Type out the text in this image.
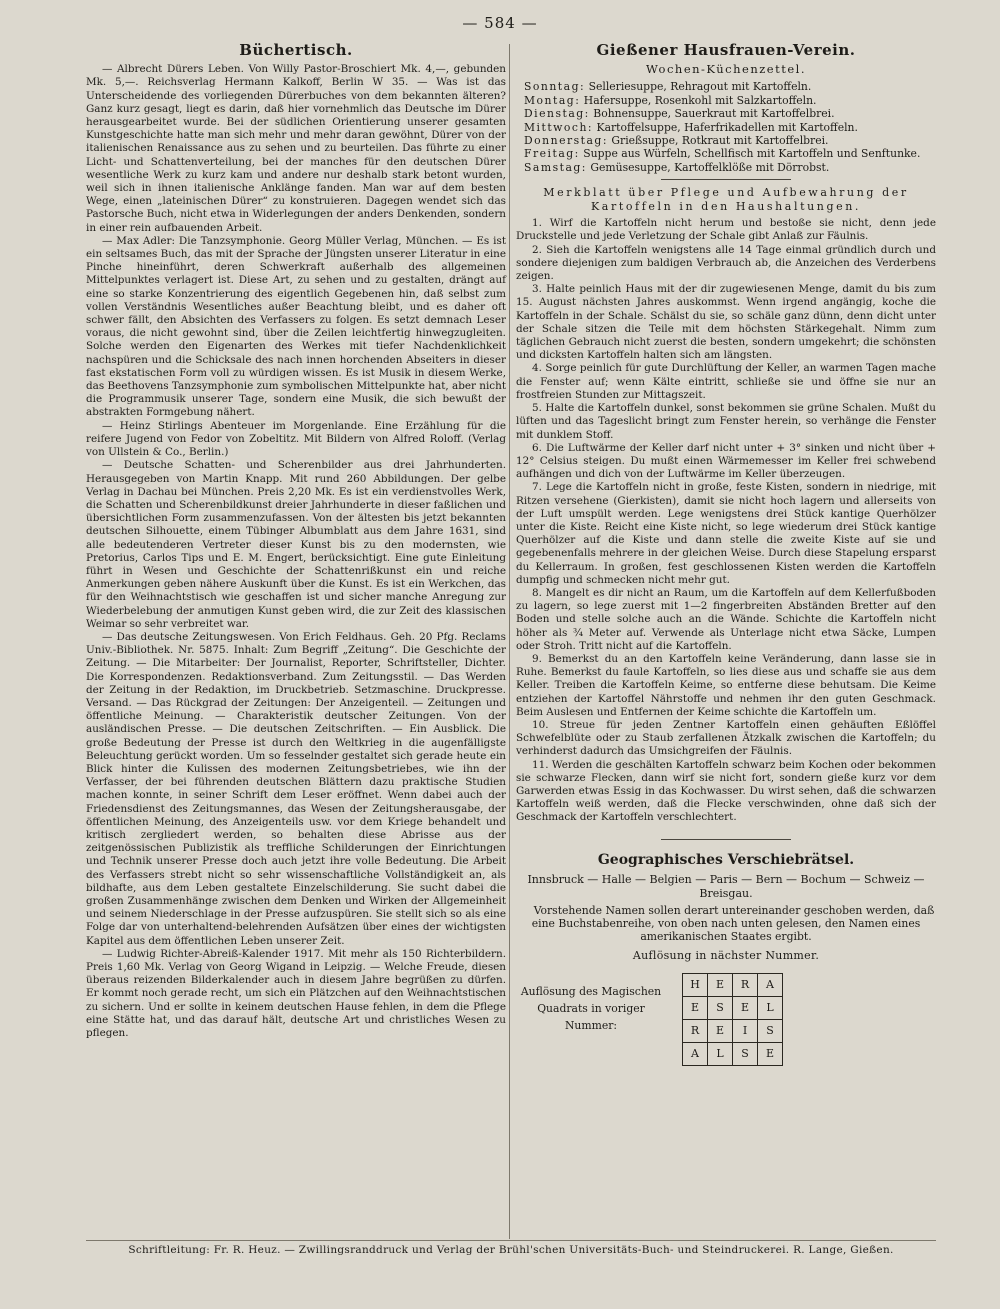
— 584 —
Büchertisch.

— Albrecht Dürers Leben. Von Willy Pastor-Broschiert Mk. 4,—, gebunden Mk. 5,—. Reichsverlag Hermann Kalkoff, Berlin W 35. — Was ist das Unterscheidende des vorliegenden Dürerbuches von dem bekannten älteren? Ganz kurz gesagt, liegt es darin, daß hier vornehmlich das Deutsche im Dürer herausgearbeitet wurde. Bei der südlichen Orientierung unserer gesamten Kunstgeschichte hatte man sich mehr und mehr daran gewöhnt, Dürer von der italienischen Renaissance aus zu sehen und zu beurteilen. Das führte zu einer Licht- und Schattenverteilung, bei der manches für den deutschen Dürer wesentliche Werk zu kurz kam und andere nur deshalb stark betont wurden, weil sich in ihnen italienische Anklänge fanden. Man war auf dem besten Wege, einen „lateinischen Dürer“ zu konstruieren. Dagegen wendet sich das Pastorsche Buch, nicht etwa in Widerlegungen der anders Denkenden, sondern in einer rein aufbauenden Arbeit.

— Max Adler: Die Tanzsymphonie. Georg Müller Verlag, München. — Es ist ein seltsames Buch, das mit der Sprache der Jüngsten unserer Literatur in eine Pinche hineinführt, deren Schwerkraft außerhalb des allgemeinen Mittelpunktes verlagert ist. Diese Art, zu sehen und zu gestalten, drängt auf eine so starke Konzentrierung des eigentlich Gegebenen hin, daß selbst zum vollen Verständnis Wesentliches außer Beachtung bleibt, und es daher oft schwer fällt, den Absichten des Verfassers zu folgen. Es setzt demnach Leser voraus, die nicht gewohnt sind, über die Zeilen leichtfertig hinwegzugleiten. Solche werden den Eigenarten des Werkes mit tiefer Nachdenklichkeit nachspüren und die Schicksale des nach innen horchenden Abseiters in dieser fast ekstatischen Form voll zu würdigen wissen. Es ist Musik in diesem Werke, das Beethovens Tanzsymphonie zum symbolischen Mittelpunkte hat, aber nicht die Programmusik unserer Tage, sondern eine Musik, die sich bewußt der abstrakten Formgebung nähert.

— Heinz Stirlings Abenteuer im Morgenlande. Eine Erzählung für die reifere Jugend von Fedor von Zobeltitz. Mit Bildern von Alfred Roloff. (Verlag von Ullstein & Co., Berlin.)

— Deutsche Schatten- und Scherenbilder aus drei Jahrhunderten. Herausgegeben von Martin Knapp. Mit rund 260 Abbildungen. Der gelbe Verlag in Dachau bei München. Preis 2,20 Mk. Es ist ein verdienstvolles Werk, die Schatten und Scherenbildkunst dreier Jahrhunderte in dieser faßlichen und übersichtlichen Form zusammenzufassen. Von der ältesten bis jetzt bekannten deutschen Silhouette, einem Tübinger Albumblatt aus dem Jahre 1631, sind alle bedeutenderen Vertreter dieser Kunst bis zu den modernsten, wie Pretorius, Carlos Tips und E. M. Engert, berücksichtigt. Eine gute Einleitung führt in Wesen und Geschichte der Schattenrißkunst ein und reiche Anmerkungen geben nähere Auskunft über die Kunst. Es ist ein Werkchen, das für den Weihnachtstisch wie geschaffen ist und sicher manche Anregung zur Wiederbelebung der anmutigen Kunst geben wird, die zur Zeit des klassischen Weimar so sehr verbreitet war.

— Das deutsche Zeitungswesen. Von Erich Feldhaus. Geh. 20 Pfg. Reclams Univ.-Bibliothek. Nr. 5875. Inhalt: Zum Begriff „Zeitung“. Die Geschichte der Zeitung. — Die Mitarbeiter: Der Journalist, Reporter, Schriftsteller, Dichter. Die Korrespondenzen. Redaktionsverband. Zum Zeitungsstil. — Das Werden der Zeitung in der Redaktion, im Druckbetrieb. Setzmaschine. Druckpresse. Versand. — Das Rückgrad der Zeitungen: Der Anzeigenteil. — Zeitungen und öffentliche Meinung. — Charakteristik deutscher Zeitungen. Von der ausländischen Presse. — Die deutschen Zeitschriften. — Ein Ausblick. Die große Bedeutung der Presse ist durch den Weltkrieg in die augenfälligste Beleuchtung gerückt worden. Um so fesselnder gestaltet sich gerade heute ein Blick hinter die Kulissen des modernen Zeitungsbetriebes, wie ihn der Verfasser, der bei führenden deutschen Blättern dazu praktische Studien machen konnte, in seiner Schrift dem Leser eröffnet. Wenn dabei auch der Friedensdienst des Zeitungsmannes, das Wesen der Zeitungsherausgabe, der öffentlichen Meinung, des Anzeigenteils usw. vor dem Kriege behandelt und kritisch zergliedert werden, so behalten diese Abrisse aus der zeitgenössischen Publizistik als treffliche Schilderungen der Einrichtungen und Technik unserer Presse doch auch jetzt ihre volle Bedeutung. Die Arbeit des Verfassers strebt nicht so sehr wissenschaftliche Vollständigkeit an, als bildhafte, aus dem Leben gestaltete Einzelschilderung. Sie sucht dabei die großen Zusammenhänge zwischen dem Denken und Wirken der Allgemeinheit und seinem Niederschlage in der Presse aufzuspüren. Sie stellt sich so als eine Folge dar von unterhaltend-belehrenden Aufsätzen über eines der wichtigsten Kapitel aus dem öffentlichen Leben unserer Zeit.

— Ludwig Richter-Abreiß-Kalender 1917. Mit mehr als 150 Richterbildern. Preis 1,60 Mk. Verlag von Georg Wigand in Leipzig. — Welche Freude, diesen überaus reizenden Bilderkalender auch in diesem Jahre begrüßen zu dürfen. Er kommt noch gerade recht, um sich ein Plätzchen auf den Weihnachtstischen zu sichern. Und er sollte in keinem deutschen Hause fehlen, in dem die Pflege eine Stätte hat, und das darauf hält, deutsche Art und christliches Wesen zu pflegen.

Gießener Hausfrauen-Verein.
Wochen-Küchenzettel.

Sonntag: Selleriesuppe, Rehragout mit Kartoffeln.

Montag: Hafersuppe, Rosenkohl mit Salzkartoffeln.

Dienstag: Bohnensuppe, Sauerkraut mit Kartoffelbrei.

Mittwoch: Kartoffelsuppe, Haferfrikadellen mit Kartoffeln.

Donnerstag: Grießsuppe, Rotkraut mit Kartoffelbrei.

Freitag: Suppe aus Würfeln, Schellfisch mit Kartoffeln und Senftunke.

Samstag: Gemüsesuppe, Kartoffelklöße mit Dörrobst.

Merkblatt über Pflege und Aufbewahrung der Kartoffeln in den Haushaltungen.

1. Wirf die Kartoffeln nicht herum und bestoße sie nicht, denn jede Druckstelle und jede Verletzung der Schale gibt Anlaß zur Fäulnis.

2. Sieh die Kartoffeln wenigstens alle 14 Tage einmal gründlich durch und sondere diejenigen zum baldigen Verbrauch ab, die Anzeichen des Verderbens zeigen.

3. Halte peinlich Haus mit der dir zugewiesenen Menge, damit du bis zum 15. August nächsten Jahres auskommst. Wenn irgend angängig, koche die Kartoffeln in der Schale. Schälst du sie, so schäle ganz dünn, denn dicht unter der Schale sitzen die Teile mit dem höchsten Stärkegehalt. Nimm zum täglichen Gebrauch nicht zuerst die besten, sondern umgekehrt; die schönsten und dicksten Kartoffeln halten sich am längsten.

4. Sorge peinlich für gute Durchlüftung der Keller, an warmen Tagen mache die Fenster auf; wenn Kälte eintritt, schließe sie und öffne sie nur an frostfreien Stunden zur Mittagszeit.

5. Halte die Kartoffeln dunkel, sonst bekommen sie grüne Schalen. Mußt du lüften und das Tageslicht bringt zum Fenster herein, so verhänge die Fenster mit dunklem Stoff.

6. Die Luftwärme der Keller darf nicht unter + 3° sinken und nicht über + 12° Celsius steigen. Du mußt einen Wärmemesser im Keller frei schwebend aufhängen und dich von der Luftwärme im Keller überzeugen.

7. Lege die Kartoffeln nicht in große, feste Kisten, sondern in niedrige, mit Ritzen versehene (Gierkisten), damit sie nicht hoch lagern und allerseits von der Luft umspült werden. Lege wenigstens drei Stück kantige Querhölzer unter die Kiste. Reicht eine Kiste nicht, so lege wiederum drei Stück kantige Querhölzer auf die Kiste und dann stelle die zweite Kiste auf sie und gegebenenfalls mehrere in der gleichen Weise. Durch diese Stapelung ersparst du Kellerraum. In großen, fest geschlossenen Kisten werden die Kartoffeln dumpfig und schmecken nicht mehr gut.

8. Mangelt es dir nicht an Raum, um die Kartoffeln auf dem Kellerfußboden zu lagern, so lege zuerst mit 1—2 fingerbreiten Abständen Bretter auf den Boden und stelle solche auch an die Wände. Schichte die Kartoffeln nicht höher als ¾ Meter auf. Verwende als Unterlage nicht etwa Säcke, Lumpen oder Stroh. Tritt nicht auf die Kartoffeln.

9. Bemerkst du an den Kartoffeln keine Veränderung, dann lasse sie in Ruhe. Bemerkst du faule Kartoffeln, so lies diese aus und schaffe sie aus dem Keller. Treiben die Kartoffeln Keime, so entferne diese behutsam. Die Keime entziehen der Kartoffel Nährstoffe und nehmen ihr den guten Geschmack. Beim Auslesen und Entfernen der Keime schichte die Kartoffeln um.

10. Streue für jeden Zentner Kartoffeln einen gehäuften Eßlöffel Schwefelblüte oder zu Staub zerfallenen Ätzkalk zwischen die Kartoffeln; du verhinderst dadurch das Umsichgreifen der Fäulnis.

11. Werden die geschälten Kartoffeln schwarz beim Kochen oder bekommen sie schwarze Flecken, dann wirf sie nicht fort, sondern gieße kurz vor dem Garwerden etwas Essig in das Kochwasser. Du wirst sehen, daß die schwarzen Kartoffeln weiß werden, daß die Flecke verschwinden, ohne daß sich der Geschmack der Kartoffeln verschlechtert.

Geographisches Verschiebrätsel.
Innsbruck — Halle — Belgien — Paris — Bern — Bochum — Schweiz — Breisgau.

Vorstehende Namen sollen derart untereinander geschoben werden, daß eine Buchstabenreihe, von oben nach unten gelesen, den Namen eines amerikanischen Staates ergibt.

Auflösung in nächster Nummer.
Auflösung des Magischen Quadrats in voriger Nummer:
H	E	R	A
E	S	E	L
R	E	I	S
A	L	S	E
Schriftleitung: Fr. R. Heuz. — Zwillingsranddruck und Verlag der Brühl'schen Universitäts-Buch- und Steindruckerei. R. Lange, Gießen.
